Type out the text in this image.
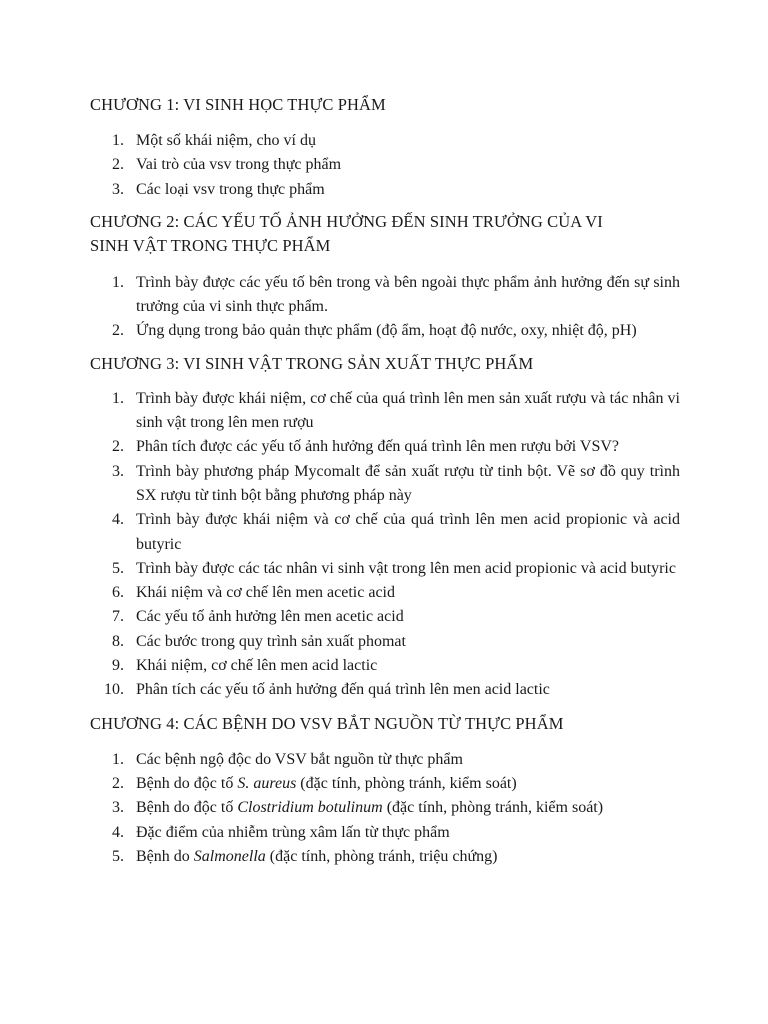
CHƯƠNG 1: VI SINH HỌC THỰC PHẨM
1. Một số khái niệm, cho ví dụ
2. Vai trò của vsv trong thực phẩm
3. Các loại vsv trong thực phẩm
CHƯƠNG 2: CÁC YẾU TỐ ẢNH HƯỞNG ĐẾN SINH TRƯỞNG CỦA VI
SINH VẬT TRONG THỰC PHẨM
1. Trình bày được các yếu tố bên trong và bên ngoài thực phẩm ảnh hưởng đến sự sinh trưởng của vi sinh thực phẩm.
2. Ứng dụng trong bảo quản thực phẩm (độ ẩm, hoạt độ nước, oxy, nhiệt độ, pH)
CHƯƠNG 3: VI SINH VẬT TRONG SẢN XUẤT THỰC PHẨM
1. Trình bày được khái niệm, cơ chế của quá trình lên men sản xuất rượu và tác nhân vi sinh vật trong lên men rượu
2. Phân tích được các yếu tố ảnh hưởng đến quá trình lên men rượu bởi VSV?
3. Trình bày phương pháp Mycomalt để sản xuất rượu từ tinh bột. Vẽ sơ đồ quy trình SX rượu từ tinh bột bằng phương pháp này
4. Trình bày được khái niệm và cơ chế của quá trình lên men acid propionic và acid butyric
5. Trình bày được các tác nhân vi sinh vật trong lên men acid propionic và acid butyric
6. Khái niệm và cơ chế lên men acetic acid
7. Các yếu tố ảnh hưởng lên men acetic acid
8. Các bước trong quy trình sản xuất phomat
9. Khái niệm, cơ chế lên men acid lactic
10. Phân tích các yếu tố ảnh hưởng đến quá trình lên men acid lactic
CHƯƠNG 4: CÁC BỆNH DO VSV BẮT NGUỒN TỪ THỰC PHẨM
1. Các bệnh ngộ độc do VSV bắt nguồn từ thực phẩm
2. Bệnh do độc tố S. aureus (đặc tính, phòng tránh, kiểm soát)
3. Bệnh do độc tố Clostridium botulinum (đặc tính, phòng tránh, kiểm soát)
4. Đặc điểm của nhiễm trùng xâm lấn từ thực phẩm
5. Bệnh do Salmonella (đặc tính, phòng tránh, triệu chứng)
